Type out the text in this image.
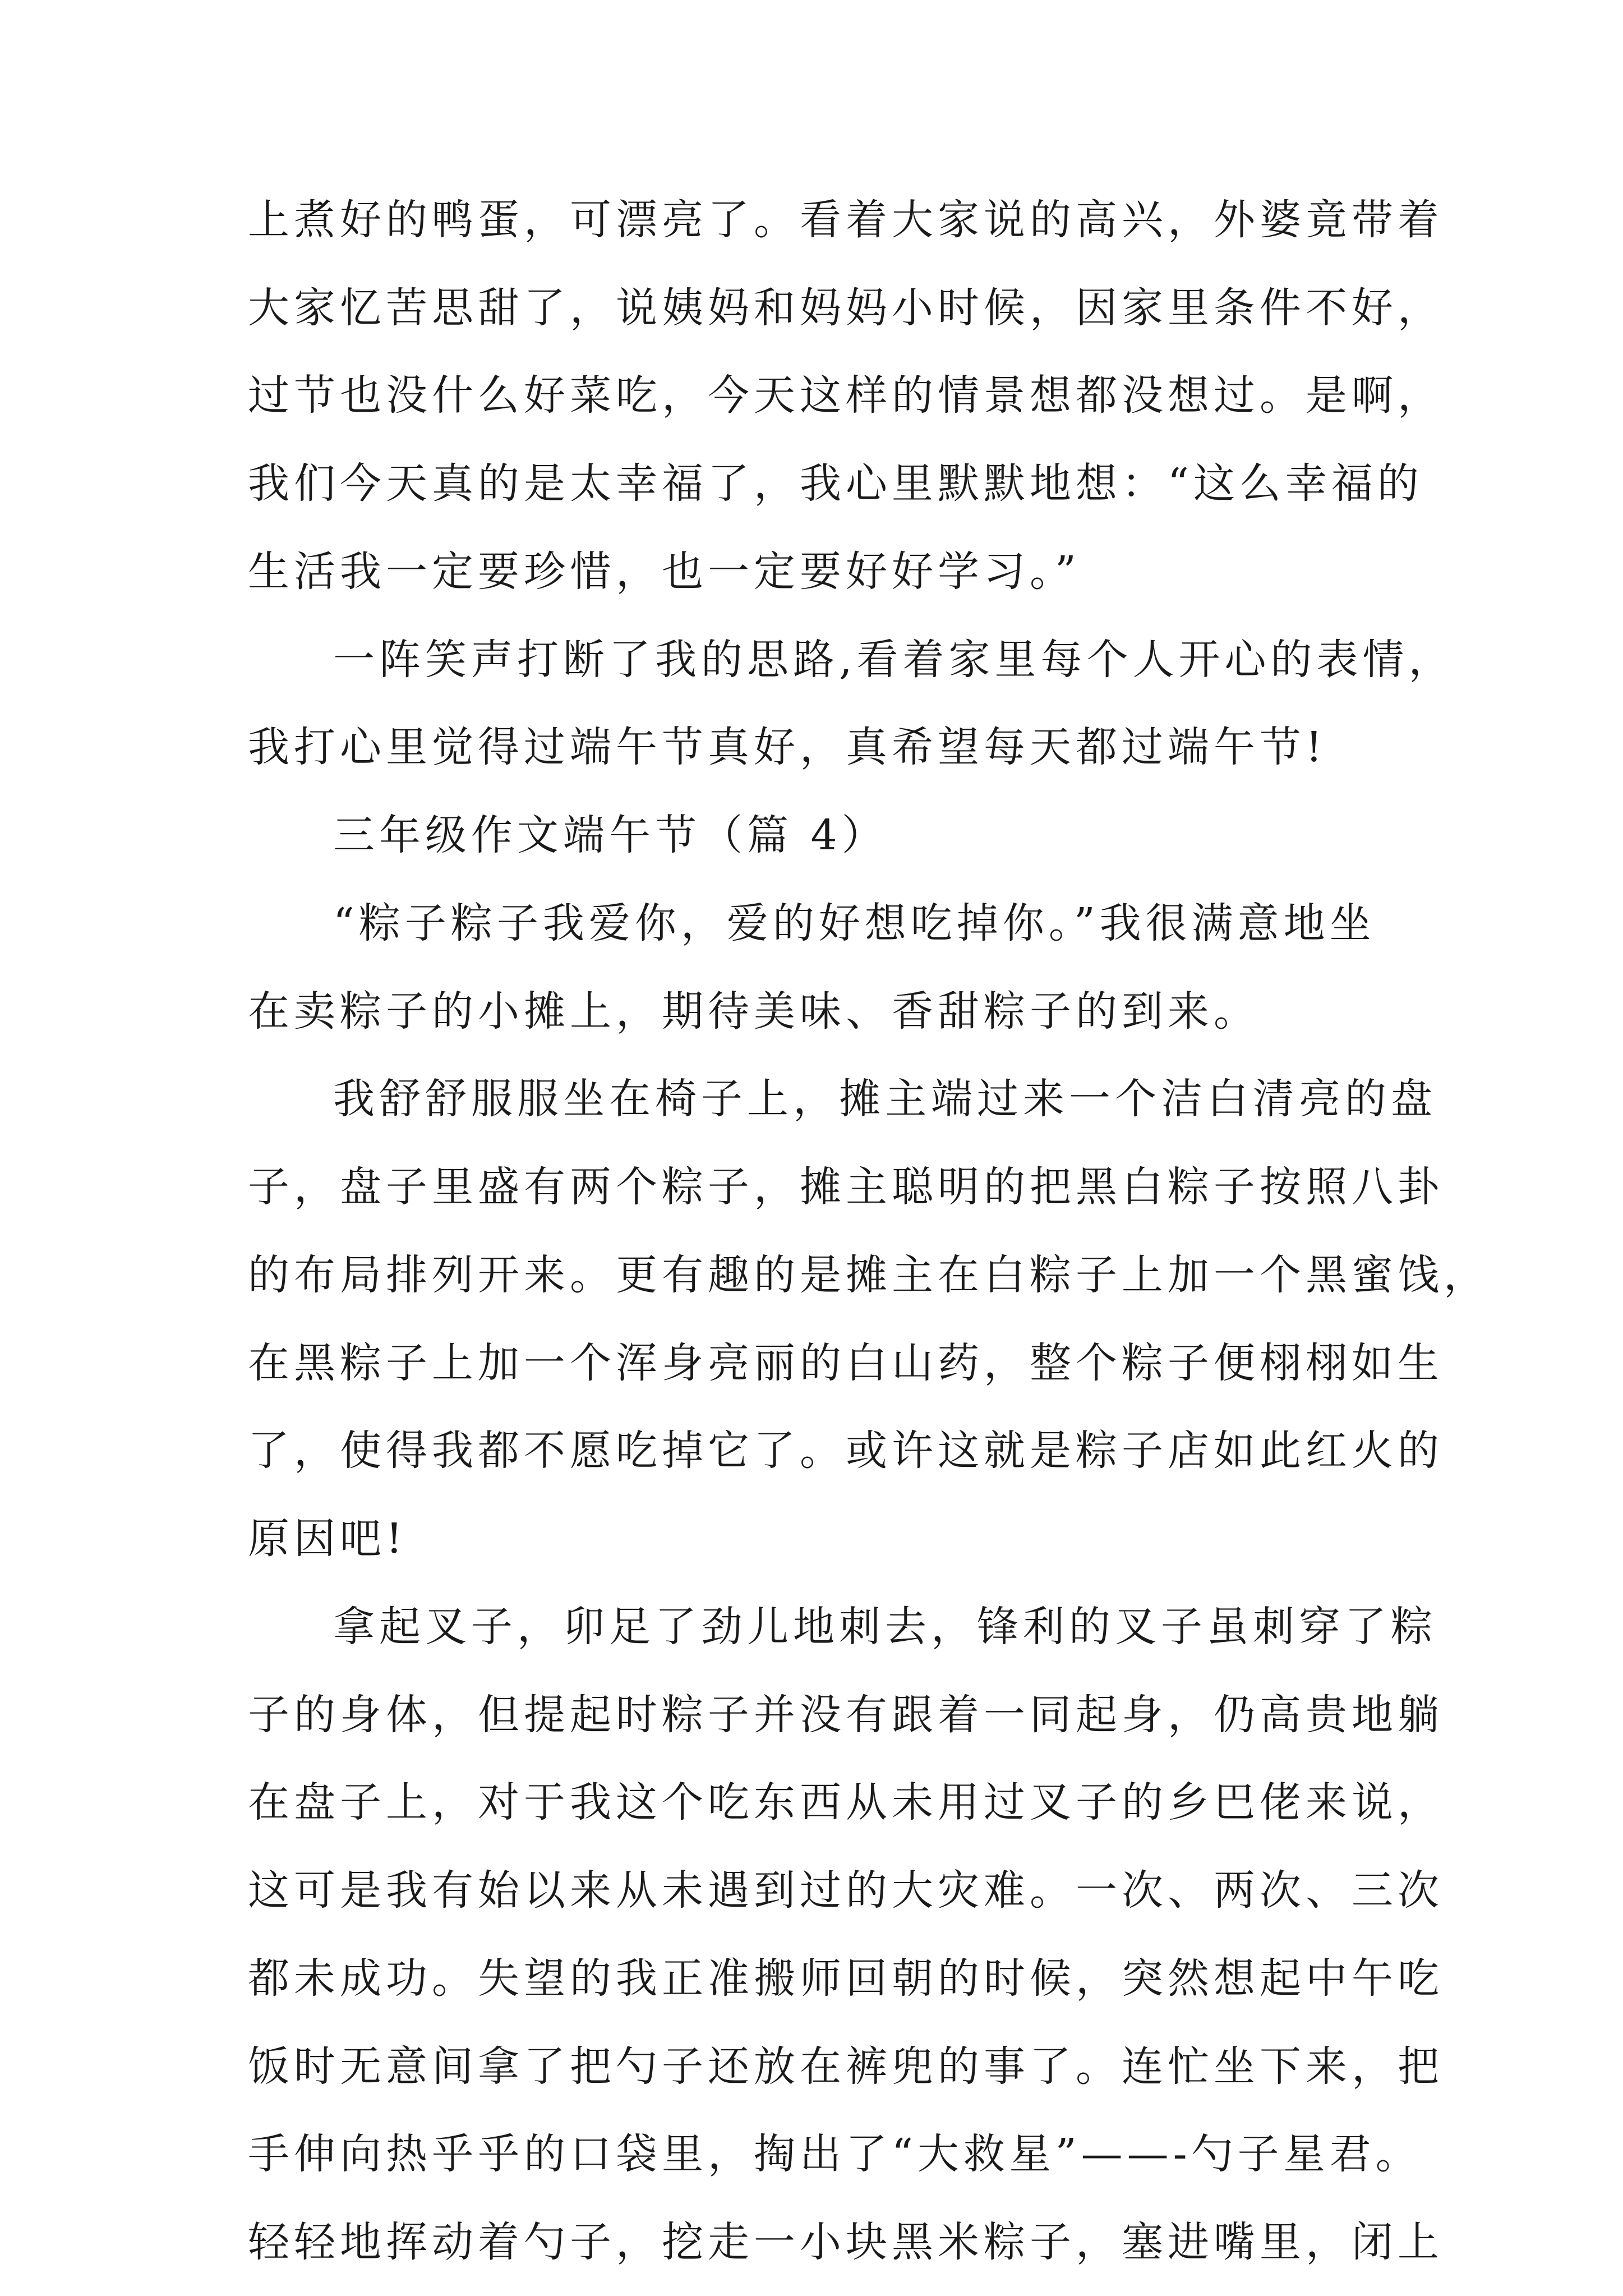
上煮好的鸭蛋，可漂亮了。看着大家说的高兴，外婆竟带着
大家忆苦思甜了，说姨妈和妈妈小时候，因家里条件不好，
过节也没什么好菜吃，今天这样的情景想都没想过。是啊，
我们今天真的是太幸福了，我心里默默地想：“这么幸福的
生活我一定要珍惜，也一定要好好学习。”
一阵笑声打断了我的思路,看着家里每个人开心的表情，
我打心里觉得过端午节真好，真希望每天都过端午节!
三年级作文端午节（篇 4）
“粽子粽子我爱你，爱的好想吃掉你。”我很满意地坐
在卖粽子的小摊上，期待美味、香甜粽子的到来。
我舒舒服服坐在椅子上，摊主端过来一个洁白清亮的盘
子，盘子里盛有两个粽子，摊主聪明的把黑白粽子按照八卦
的布局排列开来。更有趣的是摊主在白粽子上加一个黑蜜饯，
在黑粽子上加一个浑身亮丽的白山药，整个粽子便栩栩如生
了，使得我都不愿吃掉它了。或许这就是粽子店如此红火的
原因吧!
拿起叉子，卯足了劲儿地刺去，锋利的叉子虽刺穿了粽
子的身体，但提起时粽子并没有跟着一同起身，仍高贵地躺
在盘子上，对于我这个吃东西从未用过叉子的乡巴佬来说，
这可是我有始以来从未遇到过的大灾难。一次、两次、三次
都未成功。失望的我正准搬师回朝的时候，突然想起中午吃
饭时无意间拿了把勺子还放在裤兜的事了。连忙坐下来，把
手伸向热乎乎的口袋里，掏出了“大救星”——-勺子星君。
轻轻地挥动着勺子，挖走一小块黑米粽子，塞进嘴里，闭上
